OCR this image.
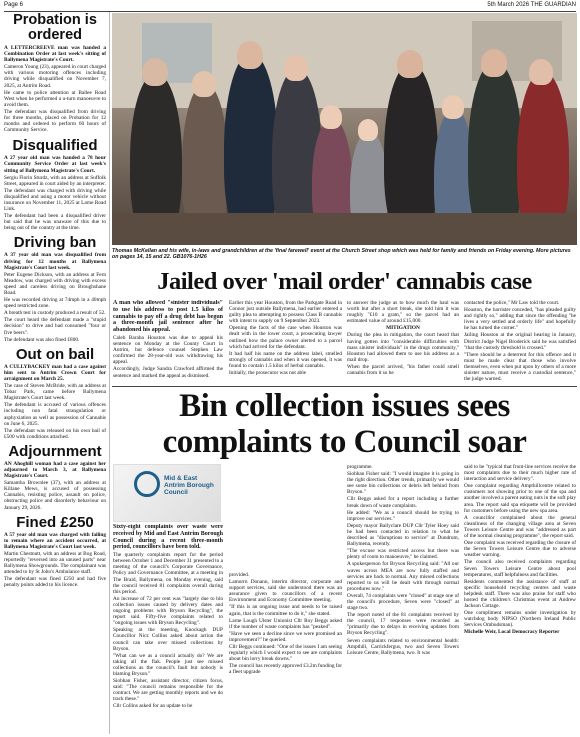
Page 6	5th March 2026 THE GUARDIAN
Probation is ordered

A LETTERCREEVE man was handed a Combination Order at last week's sitting of Ballymena Magistrate's Court.

Cameron Young (23), appeared in court charged with various motoring offences including driving while disqualified on November 7, 2025, at Antrim Road.

He came to police attention at Ballee Road West when he performed a u-turn manoeuvre to avoid them.

The defendant was disqualified from driving for three months, placed on Probation for 12 months and ordered to perform 60 hours of Community Service.

Disqualified

A 27 year old man was handed a 78 hour Community Service Order at last week's sitting of Ballymena Magistrate's Court.

Sergiu Florin Sturdz, with an address at Suffolk Street, appeared in court aided by an interpreter.

The defendant was charged with driving while disqualified and using a motor vehicle without insurance on November 11, 2025 at Larne Road Link.

The defendant had been a disqualified driver but said that he was unaware of this due to being out of the country at the time.

Driving ban

A 37 year old man was disqualified from driving for 12 months at Ballymena Magistrate's Court last week.

Peter Eugene Dickson, with an address at Fern Meadow, was charged with driving with excess speed and careless driving on Broughshane Road.

He was recorded driving at 74mph in a 40mph speed restricted zone.

A breath test in custody produced a result of 52.

The court heard the defendant made a "stupid decision" to drive and had consumed "four or five beers".

The defendant was also fined £800.

Out on bail

A CULLYBACKEY man had a case against him sent to Antrim Crown Court for arraignment on March 25.

The case of Steven McBride, with an address at Tobar Park, came before Ballymena Magistrate's Court last week.

The defendant is accused of various offences including non fatal strangulation or asphyxiation as well as possession of Cannabis on June 6, 2025.

The defendant was released on his own bail of £500 with conditions attached.

Adjournment

AN Ahoghill woman had a case against her adjourned to March 3, at Ballymena Magistrate's Court.

Samantha Brownlee (37), with an address at Killane Mews, is accused of possessing Cannabis, resisting police, assault on police, obstructing police and disorderly behaviour on January 29, 2026.

Fined £250

A 57 year old man was charged with failing to remain where an accident occurred, at Ballymena Magistrate's Court last week.

Martin Chestnutt, with an address at Bog Road, reportedly "reversed into an unused parts" near Ballymena Showgrounds. The complainant was attended to by St John's Ambulance staff.

The defendant was fined £250 and had five penalty points added to his licence.

Thomas McKellan and his wife, in-laws and grandchildren at the 'final farewell' event at the Church Street shop which was held for family and friends on Friday evening. More pictures on pages 14, 15 and 22. GB1076-1H26
Jailed over 'mail order' cannabis case

A man who allowed "sinister individuals" to use his address to post 1.5 kilos of cannabis to pay off a drug debt has begun a three-month jail sentence after he abandoned his appeal.

Caleb Baraba Houston was due to appeal his sentence on Monday at the County Court in Antrim, but defence counsel Stephen Law confirmed the 28-year-old was withdrawing his appeal.

Accordingly, Judge Sandra Crawford affirmed the sentence and marked the appeal as dismissed.

Earlier this year Houston, from the Parkgate Road in Connor just outside Ballymena, had earlier entered a guilty plea to attempting to possess Class B cannabis with intent to supply on 9 September 2023.

Opening the facts of the case when Houston was dealt with in the lower court, a prosecuting lawyer outlined how the palace owner alerted to a parcel which had arrived for the defendant.

It had half his name on the address label, smelled strongly of cannabis and when it was opened, it was found to contain 1.5 kilos of herbal cannabis.

Initially, the prosecutor was not able

to answer the judge as to how much the haul was worth but after a short break, she told him it was roughly "£10 a gram," so the parcel had an estimated value of around £15,000.

MITIGATION

During the plea in mitigation, the court heard that having gotten into "considerable difficulties with mass sinister individuals" in the drugs community," Houston had allowed them to use his address as a mail drop.

When the parcel arrived, "his father could smell cannabis from it so he

contacted the police," Mr Law told the court.

Houston, the barrister conceded, "has pleaded guilty and rightly so," adding that since the offending "he lives a very settled and orderly life" and hopefully he has turned the corner."

Jailing Houston at the original hearing in January, District Judge Nigel Broderick said he was satisfied "that the custody threshold is crossed."

"There should be a deterrent for this offence and it must be made clear that those who involve themselves, even when put upon by others of a more sinister nature, must receive a custodial sentence," the judge warned.

Bin collection issues sees complaints to Council soar
Mid & East Antrim Borough Council

Sixty-eight complaints over waste were received by Mid and East Antrim Borough Council during a recent three-month period, councillors have been told.

The quarterly complaints report for the period between October 1 and December 31 presented to a meeting of the council's Corporate Governance, Policy and Governance Committee, at a meeting in The Braid, Ballymena, on Monday evening, said the council received 81 complaints overall during this period.

An increase of 72 per cent was "largely due to bin collection issues caused by delivery dates and ongoing problems with Bryson Recycling", the report said. Fifty-five complaints related to "ongoing issues with Bryson Recycling".

Speaking at the meeting, Knockagh DUP Councillor Nicz Collins asked about action the council can take over missed collections by Bryson.

"What can we as a council actually do? We are taking all the flak. People just see missed collections as the council's fault but nobody is blaming Bryson."

Siobhan Fisher, assistant director, citizen focus, said: "The council remains responsible for the contract. We are getting monthly reports and we do track these."

Cllr Collins asked for an update to be

provided.

Lamorrn Donann, interim director, corporate and support services, said she understood there was an assurance given to councillors of a recent Environment and Economy Committee meeting.

"If this is an ongoing issue and needs to be raised again, that is the committee to do it," she stated.

Larne Lough Ulster Unionist Cllr Roy Beggs asked if the number of waste complaints has "peaked".

"Have we seen a decline since we were promised an improvement?" he queried.

Cllr Beggs continued: "One of the issues I am seeing regularly which I would expect to see are complaints about bin lorry break downs."

The council has recently approved £3.2m funding for a fleet upgrade

programme.

Siobhan Fisher said: "I would imagine it is going in the right direction. Other trends, primarily we would see some bin collections or debris left behind from Bryson."

Cllr Beggs asked for a report including a further break down of waste complaints.

He added: "We as a council should be trying to improve our services."

Deputy mayor Ballyclare DUP Cllr Tyler Hoey said he had been contacted in relation to what he described as "disruptions to service" at Dundrum, Ballymena, recently.

"The excuse was restricted access but there was plenty of room to manoeuvre," he claimed.

A spokesperson for Bryson Recycling said: "All our waves across MEA are now fully staffed and services are back to normal. Any missed collections reported to us will be dealt with through normal procedures now."

Overall, 74 complaints were "closed" at stage one of the council's procedure, Seven were "closed" at stage two.

The report noted of the 81 complaints received by the council, 17 responses were recorded as "primarily due to delays in receiving updates from Bryson Recycling".

Seven complaints related to environmental health: Ampthill, Carrickfergus, two and Seven Towers Leisure Centre, Ballymena, two. It was

said to be "typical that front-line services receive the most complaints due to their much higher rate of interaction and service delivery".

One complaint regarding Ampthillcentre related to customers not showing prior to one of the spa and another involved a parent eating nuts in the soft play area. The report said spa etiquette will be provided for customers before using the new spa area.

A councillor complained about the general cleanliness of the changing village area at Seven Towers Leisure Centre and was "addressed as part of the normal cleaning programme", the report said.

One complaint was received regarding the closure of the Seven Towers Leisure Centre due to adverse weather warning.

The council also received complaints regarding Seven Towers Leisure Centre about pool temperatures, staff helpfulness and facilities.

Residents commented the assistance of staff at specific household recycling centres and waste helpdesk staff. There was also praise for staff who hosted the children's Christmas event at Andrew Jackson Cottage.

One compliment remains under investigation by watchdog body NIPSO (Northern Ireland Public Services Ombudsman).

Michelle Weir, Local Democracy Reporter
